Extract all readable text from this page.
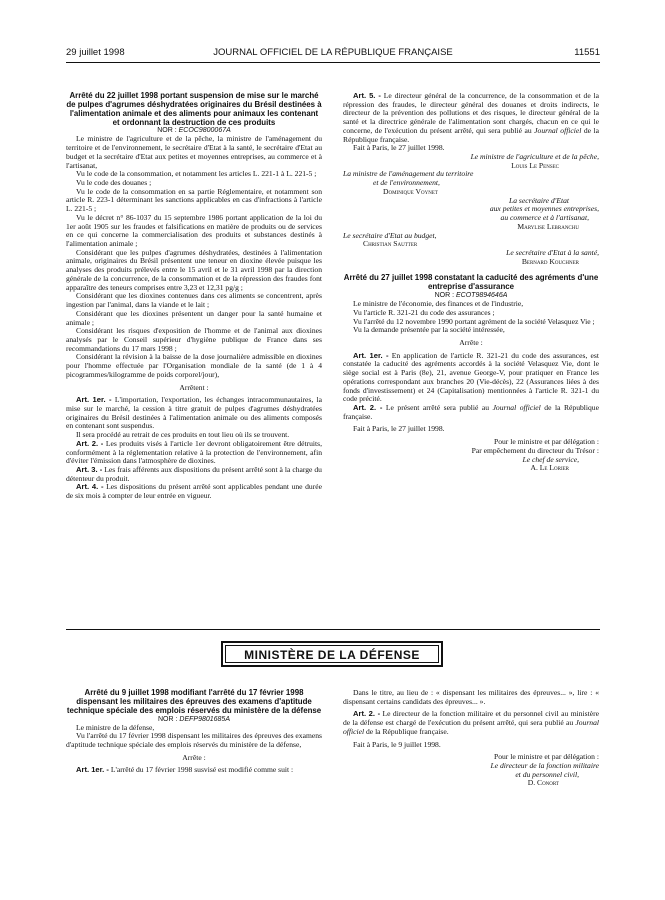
29 juillet 1998	JOURNAL OFFICIEL DE LA RÉPUBLIQUE FRANÇAISE	11551

Arrêté du 22 juillet 1998 portant suspension de mise sur le marché de pulpes d'agrumes déshydratées originaires du Brésil destinées à l'alimentation animale et des aliments pour animaux les contenant et ordonnant la destruction de ces produits

NOR : ECOC9800067A

Le ministre de l'agriculture et de la pêche, la ministre de l'aménagement du territoire et de l'environnement, le secrétaire d'Etat à la santé, le secrétaire d'Etat au budget et la secrétaire d'Etat aux petites et moyennes entreprises, au commerce et à l'artisanat,

Vu le code de la consommation, et notamment les articles L. 221-1 à L. 221-5 ;

Vu le code des douanes ;

Vu le code de la consommation en sa partie Réglementaire, et notamment son article R. 223-1 déterminant les sanctions applicables en cas d'infractions à l'article L. 221-5 ;

Vu le décret n° 86-1037 du 15 septembre 1986 portant application de la loi du 1er août 1905 sur les fraudes et falsifications en matière de produits ou de services en ce qui concerne la commercialisation des produits et substances destinés à l'alimentation animale ;

Considérant que les pulpes d'agrumes déshydratées, destinées à l'alimentation animale, originaires du Brésil présentent une teneur en dioxine élevée puisque les analyses des produits prélevés entre le 15 avril et le 31 avril 1998 par la direction générale de la concurrence, de la consommation et de la répression des fraudes font apparaître des teneurs comprises entre 3,23 et 12,31 pg/g ;

Considérant que les dioxines contenues dans ces aliments se concentrent, après ingestion par l'animal, dans la viande et le lait ;

Considérant que les dioxines présentent un danger pour la santé humaine et animale ;

Considérant les risques d'exposition de l'homme et de l'animal aux dioxines analysés par le Conseil supérieur d'hygiène publique de France dans ses recommandations du 17 mars 1998 ;

Considérant la révision à la baisse de la dose journalière admissible en dioxines pour l'homme effectuée par l'Organisation mondiale de la santé (de 1 à 4 picogrammes/kilogramme de poids corporel/jour),

Arrêtent :

Art. 1er. - L'importation, l'exportation, les échanges intracommunautaires, la mise sur le marché, la cession à titre gratuit de pulpes d'agrumes déshydratées originaires du Brésil destinées à l'alimentation animale ou des aliments composés en contenant sont suspendus.

Il sera procédé au retrait de ces produits en tout lieu où ils se trouvent.

Art. 2. - Les produits visés à l'article 1er devront obligatoirement être détruits, conformément à la réglementation relative à la protection de l'environnement, afin d'éviter l'émission dans l'atmosphère de dioxines.

Art. 3. - Les frais afférents aux dispositions du présent arrêté sont à la charge du détenteur du produit.

Art. 4. - Les dispositions du présent arrêté sont applicables pendant une durée de six mois à compter de leur entrée en vigueur.

Art. 5. - Le directeur général de la concurrence, de la consommation et de la répression des fraudes, le directeur général des douanes et droits indirects, le directeur de la prévention des pollutions et des risques, le directeur général de la santé et la directrice générale de l'alimentation sont chargés, chacun en ce qui le concerne, de l'exécution du présent arrêté, qui sera publié au Journal officiel de la République française.

Fait à Paris, le 27 juillet 1998.

Le ministre de l'agriculture et de la pêche,

Louis Le Pensec

La ministre de l'aménagement du territoire

et de l'environnement,

Dominique Voynet

La secrétaire d'Etat

aux petites et moyennes entreprises,

au commerce et à l'artisanat,

Marylise Lebranchu

Le secrétaire d'Etat au budget,

Christian Sautter

Le secrétaire d'Etat à la santé,

Bernard Kouchner

Arrêté du 27 juillet 1998 constatant la caducité des agréments d'une entreprise d'assurance

NOR : ECOT9894646A

Le ministre de l'économie, des finances et de l'industrie,

Vu l'article R. 321-21 du code des assurances ;

Vu l'arrêté du 12 novembre 1990 portant agrément de la société Velasquez Vie ;

Vu la demande présentée par la société intéressée,

Arrête :

Art. 1er. - En application de l'article R. 321-21 du code des assurances, est constatée la caducité des agréments accordés à la société Velasquez Vie, dont le siège social est à Paris (8e), 21, avenue George-V, pour pratiquer en France les opérations correspondant aux branches 20 (Vie-décès), 22 (Assurances liées à des fonds d'investissement) et 24 (Capitalisation) mentionnées à l'article R. 321-1 du code précité.

Art. 2. - Le présent arrêté sera publié au Journal officiel de la République française.

Fait à Paris, le 27 juillet 1998.

Pour le ministre et par délégation :

Par empêchement du directeur du Trésor :

Le chef de service,

A. Le Lorier

MINISTÈRE DE LA DÉFENSE

Arrêté du 9 juillet 1998 modifiant l'arrêté du 17 février 1998 dispensant les militaires des épreuves des examens d'aptitude technique spéciale des emplois réservés du ministère de la défense

NOR : DEFP9801685A

Le ministre de la défense,

Vu l'arrêté du 17 février 1998 dispensant les militaires des épreuves des examens d'aptitude technique spéciale des emplois réservés du ministère de la défense,

Arrête :

Art. 1er. - L'arrêté du 17 février 1998 susvisé est modifié comme suit :

Dans le titre, au lieu de : « dispensant les militaires des épreuves... », lire : « dispensant certains candidats des épreuves... ».

Art. 2. - Le directeur de la fonction militaire et du personnel civil au ministère de la défense est chargé de l'exécution du présent arrêté, qui sera publié au Journal officiel de la République française.

Fait à Paris, le 9 juillet 1998.

Pour le ministre et par délégation :

Le directeur de la fonction militaire

et du personnel civil,

D. Conort
